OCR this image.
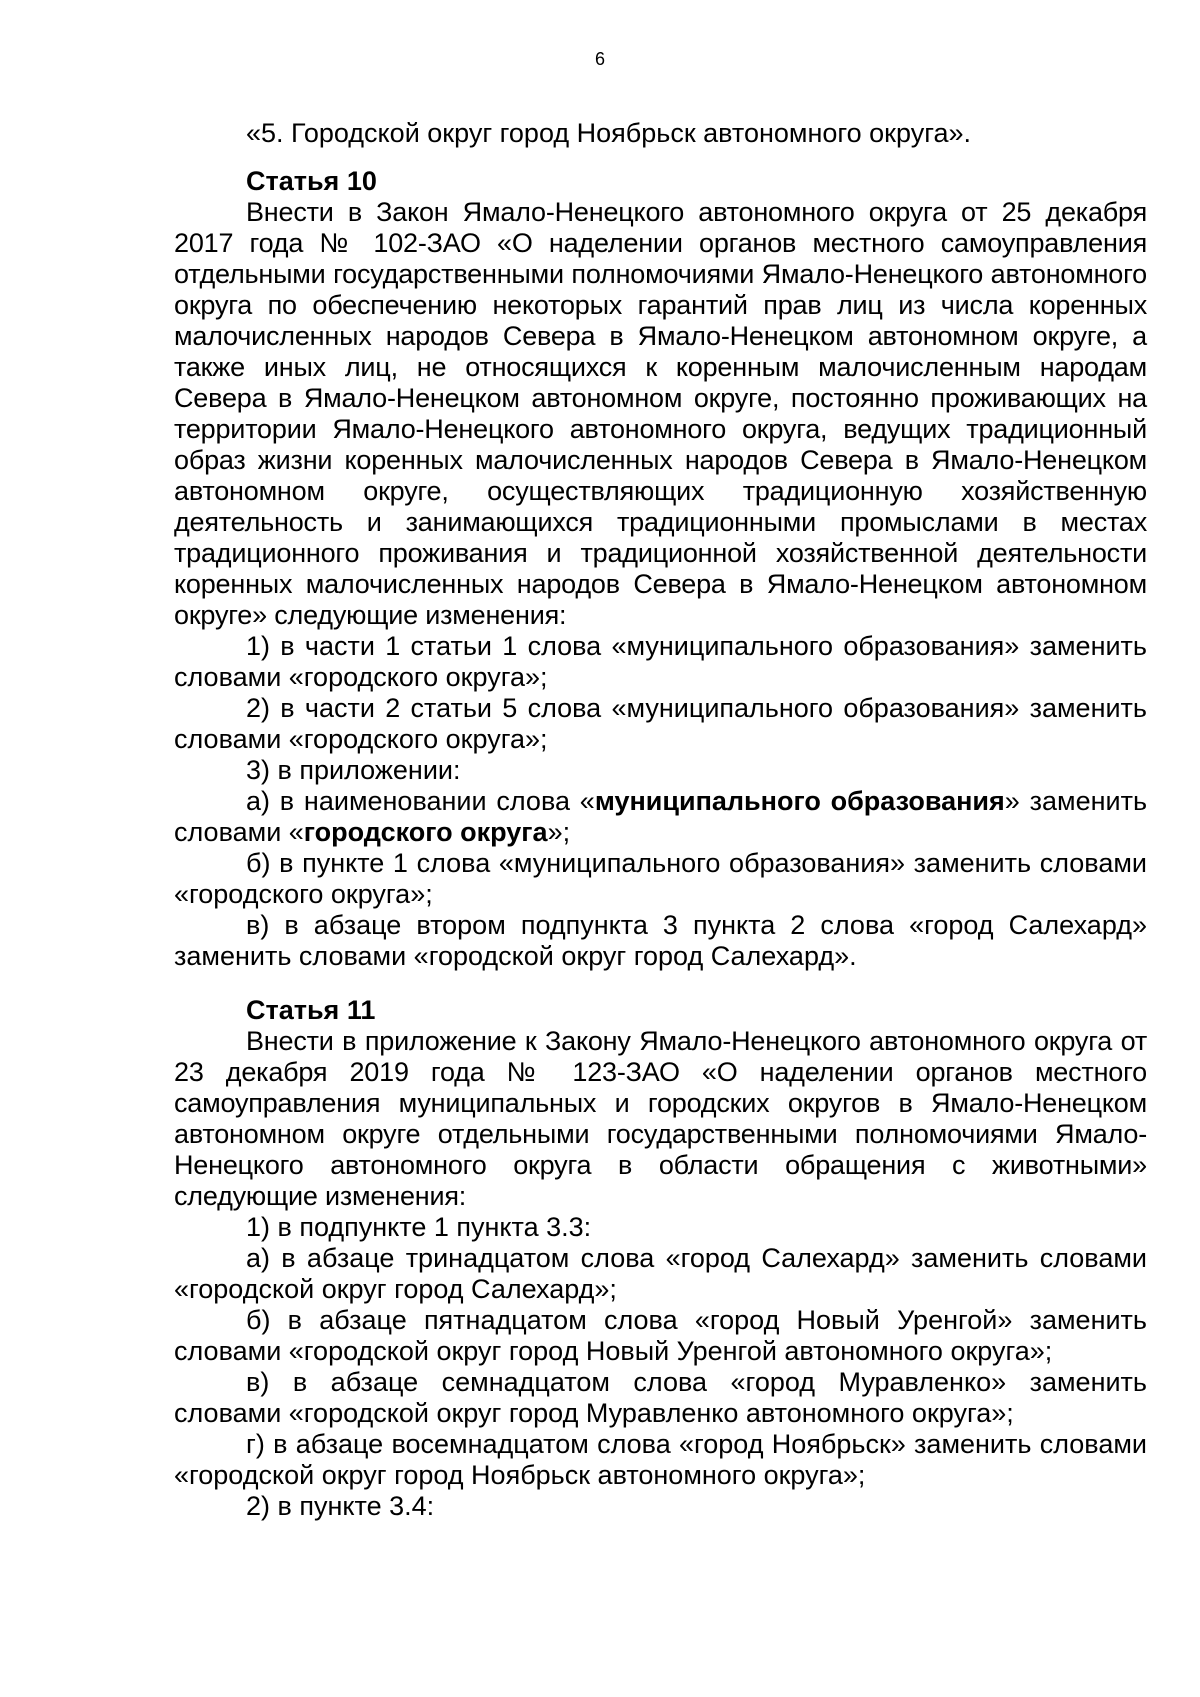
6

«5. Городской округ город Ноябрьск автономного округа».

Статья 10

Внести в Закон Ямало-Ненецкого автономного округа от 25 декабря 2017 года № 102-ЗАО «О наделении органов местного самоуправления отдельными государственными полномочиями Ямало-Ненецкого автономного округа по обеспечению некоторых гарантий прав лиц из числа коренных малочисленных народов Севера в Ямало-Ненецком автономном округе, а также иных лиц, не относящихся к коренным малочисленным народам Севера в Ямало-Ненецком автономном округе, постоянно проживающих на территории Ямало-Ненецкого автономного округа, ведущих традиционный образ жизни коренных малочисленных народов Севера в Ямало-Ненецком автономном округе, осуществляющих традиционную хозяйственную деятельность и занимающихся традиционными промыслами в местах традиционного проживания и традиционной хозяйственной деятельности коренных малочисленных народов Севера в Ямало-Ненецком автономном округе» следующие изменения:

1) в части 1 статьи 1 слова «муниципального образования» заменить словами «городского округа»;

2) в части 2 статьи 5 слова «муниципального образования» заменить словами «городского округа»;

3) в приложении:

а) в наименовании слова «муниципального образования» заменить словами «городского округа»;

б) в пункте 1 слова «муниципального образования» заменить словами «городского округа»;

в) в абзаце втором подпункта 3 пункта 2 слова «город Салехард» заменить словами «городской округ город Салехард».

Статья 11

Внести в приложение к Закону Ямало-Ненецкого автономного округа от 23 декабря 2019 года № 123-ЗАО «О наделении органов местного самоуправления муниципальных и городских округов в Ямало-Ненецком автономном округе отдельными государственными полномочиями Ямало-Ненецкого автономного округа в области обращения с животными» следующие изменения:

1) в подпункте 1 пункта 3.3:

а) в абзаце тринадцатом слова «город Салехард» заменить словами «городской округ город Салехард»;

б) в абзаце пятнадцатом слова «город Новый Уренгой» заменить словами «городской округ город Новый Уренгой автономного округа»;

в) в абзаце семнадцатом слова «город Муравленко» заменить словами «городской округ город Муравленко автономного округа»;

г) в абзаце восемнадцатом слова «город Ноябрьск» заменить словами «городской округ город Ноябрьск автономного округа»;

2) в пункте 3.4:
